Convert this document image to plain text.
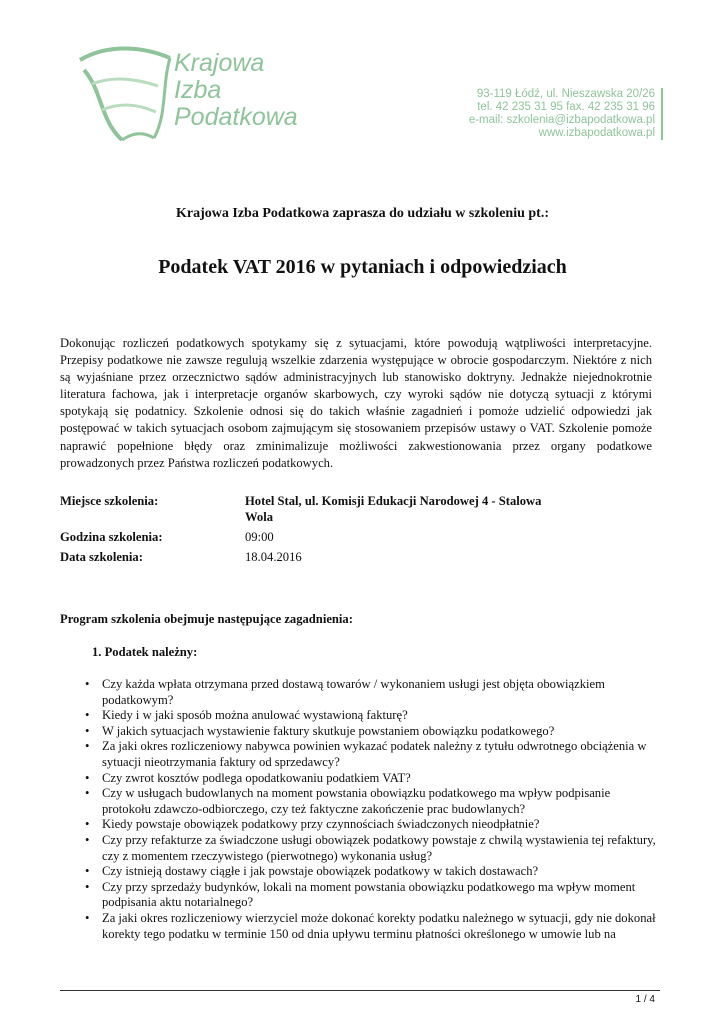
Krajowa
Izba
Podatkowa
93-119 Łódź, ul. Nieszawska 20/26
tel. 42 235 31 95 fax. 42 235 31 96
e-mail: szkolenia@izbapodatkowa.pl
www.izbapodatkowa.pl
Krajowa Izba Podatkowa zaprasza do udziału w szkoleniu pt.:
Podatek VAT 2016 w pytaniach i odpowiedziach

Dokonując rozliczeń podatkowych spotykamy się z sytuacjami, które powodują wątpliwości interpretacyjne. Przepisy podatkowe nie zawsze regulują wszelkie zdarzenia występujące w obrocie gospodarczym. Niektóre z nich są wyjaśniane przez orzecznictwo sądów administracyjnych lub stanowisko doktryny. Jednakże niejednokrotnie literatura fachowa, jak i interpretacje organów skarbowych, czy wyroki sądów nie dotyczą sytuacji z którymi spotykają się podatnicy. Szkolenie odnosi się do takich właśnie zagadnień i pomoże udzielić odpowiedzi jak postępować w takich sytuacjach osobom zajmującym się stosowaniem przepisów ustawy o VAT. Szkolenie pomoże naprawić popełnione błędy oraz zminimalizuje możliwości zakwestionowania przez organy podatkowe prowadzonych przez Państwa rozliczeń podatkowych.

Miejsce szkolenia:	Hotel Stal, ul. Komisji Edukacji Narodowej 4 - Stalowa Wola
Godzina szkolenia:	09:00
Data szkolenia:	18.04.2016
Program szkolenia obejmuje następujące zagadnienia:
1. Podatek należny:
• Czy każda wpłata otrzymana przed dostawą towarów / wykonaniem usługi jest objęta obowiązkiem podatkowym?
• Kiedy i w jaki sposób można anulować wystawioną fakturę?
• W jakich sytuacjach wystawienie faktury skutkuje powstaniem obowiązku podatkowego?
• Za jaki okres rozliczeniowy nabywca powinien wykazać podatek należny z tytułu odwrotnego obciążenia w sytuacji nieotrzymania faktury od sprzedawcy?
• Czy zwrot kosztów podlega opodatkowaniu podatkiem VAT?
• Czy w usługach budowlanych na moment powstania obowiązku podatkowego ma wpływ podpisanie protokołu zdawczo-odbiorczego, czy też faktyczne zakończenie prac budowlanych?
• Kiedy powstaje obowiązek podatkowy przy czynnościach świadczonych nieodpłatnie?
• Czy przy refakturze za świadczone usługi obowiązek podatkowy powstaje z chwilą wystawienia tej refaktury, czy z momentem rzeczywistego (pierwotnego) wykonania usług?
• Czy istnieją dostawy ciągłe i jak powstaje obowiązek podatkowy w takich dostawach?
• Czy przy sprzedaży budynków, lokali na moment powstania obowiązku podatkowego ma wpływ moment podpisania aktu notarialnego?
• Za jaki okres rozliczeniowy wierzyciel może dokonać korekty podatku należnego w sytuacji, gdy nie dokonał korekty tego podatku w terminie 150 od dnia upływu terminu płatności określonego w umowie lub na
1 / 4
